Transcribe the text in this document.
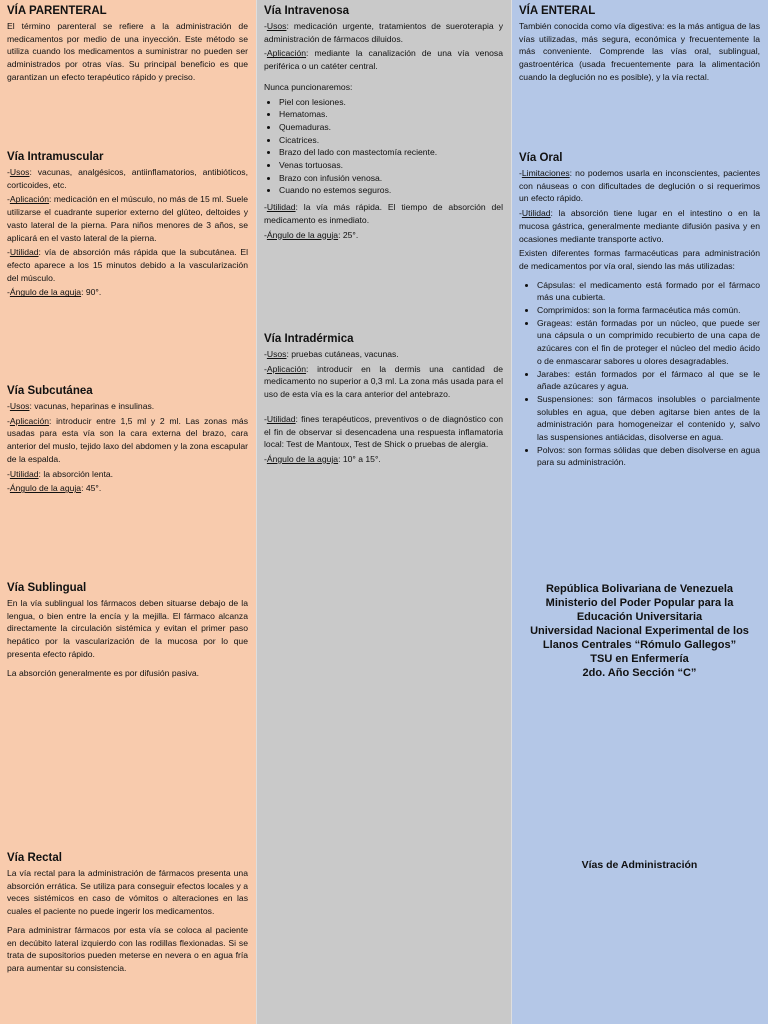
VÍA PARENTERAL

El término parenteral se refiere a la administración de medicamentos por medio de una inyección. Este método se utiliza cuando los medicamentos a suministrar no pueden ser administrados por otras vías. Su principal beneficio es que garantizan un efecto terapéutico rápido y preciso.

Vía Intramuscular

-Usos: vacunas, analgésicos, antiinflamatorios, antibióticos, corticoides, etc.

-Aplicación: medicación en el músculo, no más de 15 ml. Suele utilizarse el cuadrante superior externo del glúteo, deltoides y vasto lateral de la pierna. Para niños menores de 3 años, se aplicará en el vasto lateral de la pierna.

-Utilidad: vía de absorción más rápida que la subcutánea. El efecto aparece a los 15 minutos debido a la vascularización del músculo.

-Ángulo de la aguja: 90°.

Vía Subcutánea

-Usos: vacunas, heparinas e insulinas.

-Aplicación: introducir entre 1,5 ml y 2 ml. Las zonas más usadas para esta vía son la cara externa del brazo, cara anterior del muslo, tejido laxo del abdomen y la zona escapular de la espalda.

-Utilidad: la absorción lenta.

-Ángulo de la aguja: 45°.

Vía Sublingual

En la vía sublingual los fármacos deben situarse debajo de la lengua, o bien entre la encía y la mejilla. El fármaco alcanza directamente la circulación sistémica y evitan el primer paso hepático por la vascularización de la mucosa por lo que presenta efecto rápido.

La absorción generalmente es por difusión pasiva.

Vía Rectal

La vía rectal para la administración de fármacos presenta una absorción errática. Se utiliza para conseguir efectos locales y a veces sistémicos en caso de vómitos o alteraciones en las cuales el paciente no puede ingerir los medicamentos.

Para administrar fármacos por esta vía se coloca al paciente en decúbito lateral izquierdo con las rodillas flexionadas. Si se trata de supositorios pueden meterse en nevera o en agua fría para aumentar su consistencia.

Vía Intravenosa

-Usos: medicación urgente, tratamientos de sueroterapia y administración de fármacos diluidos.

-Aplicación: mediante la canalización de una vía venosa periférica o un catéter central.

Nunca puncionaremos:

• Piel con lesiones.
• Hematomas.
• Quemaduras.
• Cicatrices.
• Brazo del lado con mastectomía reciente.
• Venas tortuosas.
• Brazo con infusión venosa.
• Cuando no estemos seguros.

-Utilidad: la vía más rápida. El tiempo de absorción del medicamento es inmediato.

-Ángulo de la aguja: 25°.

Vía Intradérmica

-Usos: pruebas cutáneas, vacunas.

-Aplicación: introducir en la dermis una cantidad de medicamento no superior a 0,3 ml. La zona más usada para el uso de esta vía es la cara anterior del antebrazo.

-Utilidad: fines terapéuticos, preventivos o de diagnóstico con el fin de observar si desencadena una respuesta inflamatoria local: Test de Mantoux, Test de Shick o pruebas de alergia.

-Ángulo de la aguja: 10° a 15°.

VÍA ENTERAL

También conocida como vía digestiva: es la más antigua de las vías utilizadas, más segura, económica y frecuentemente la más conveniente. Comprende las vías oral, sublingual, gastroentérica (usada frecuentemente para la alimentación cuando la deglución no es posible), y la vía rectal.

Vía Oral

-Limitaciones: no podemos usarla en inconscientes, pacientes con náuseas o con dificultades de deglución o si requerimos un efecto rápido.

-Utilidad: la absorción tiene lugar en el intestino o en la mucosa gástrica, generalmente mediante difusión pasiva y en ocasiones mediante transporte activo.

Existen diferentes formas farmacéuticas para administración de medicamentos por vía oral, siendo las más utilizadas:

• Cápsulas: el medicamento está formado por el fármaco más una cubierta.
• Comprimidos: son la forma farmacéutica más común.
• Grageas: están formadas por un núcleo, que puede ser una cápsula o un comprimido recubierto de una capa de azúcares con el fin de proteger el núcleo del medio ácido o de enmascarar sabores u olores desagradables.
• Jarabes: están formados por el fármaco al que se le añade azúcares y agua.
• Suspensiones: son fármacos insolubles o parcialmente solubles en agua, que deben agitarse bien antes de la administración para homogeneizar el contenido y, salvo las suspensiones antiácidas, disolverse en agua.
• Polvos: son formas sólidas que deben disolverse en agua para su administración.
República Bolivariana de Venezuela
Ministerio del Poder Popular para la
Educación Universitaria
Universidad Nacional Experimental de los
Llanos Centrales “Rómulo Gallegos”
TSU en Enfermería
2do. Año Sección “C”
Vías de Administración
